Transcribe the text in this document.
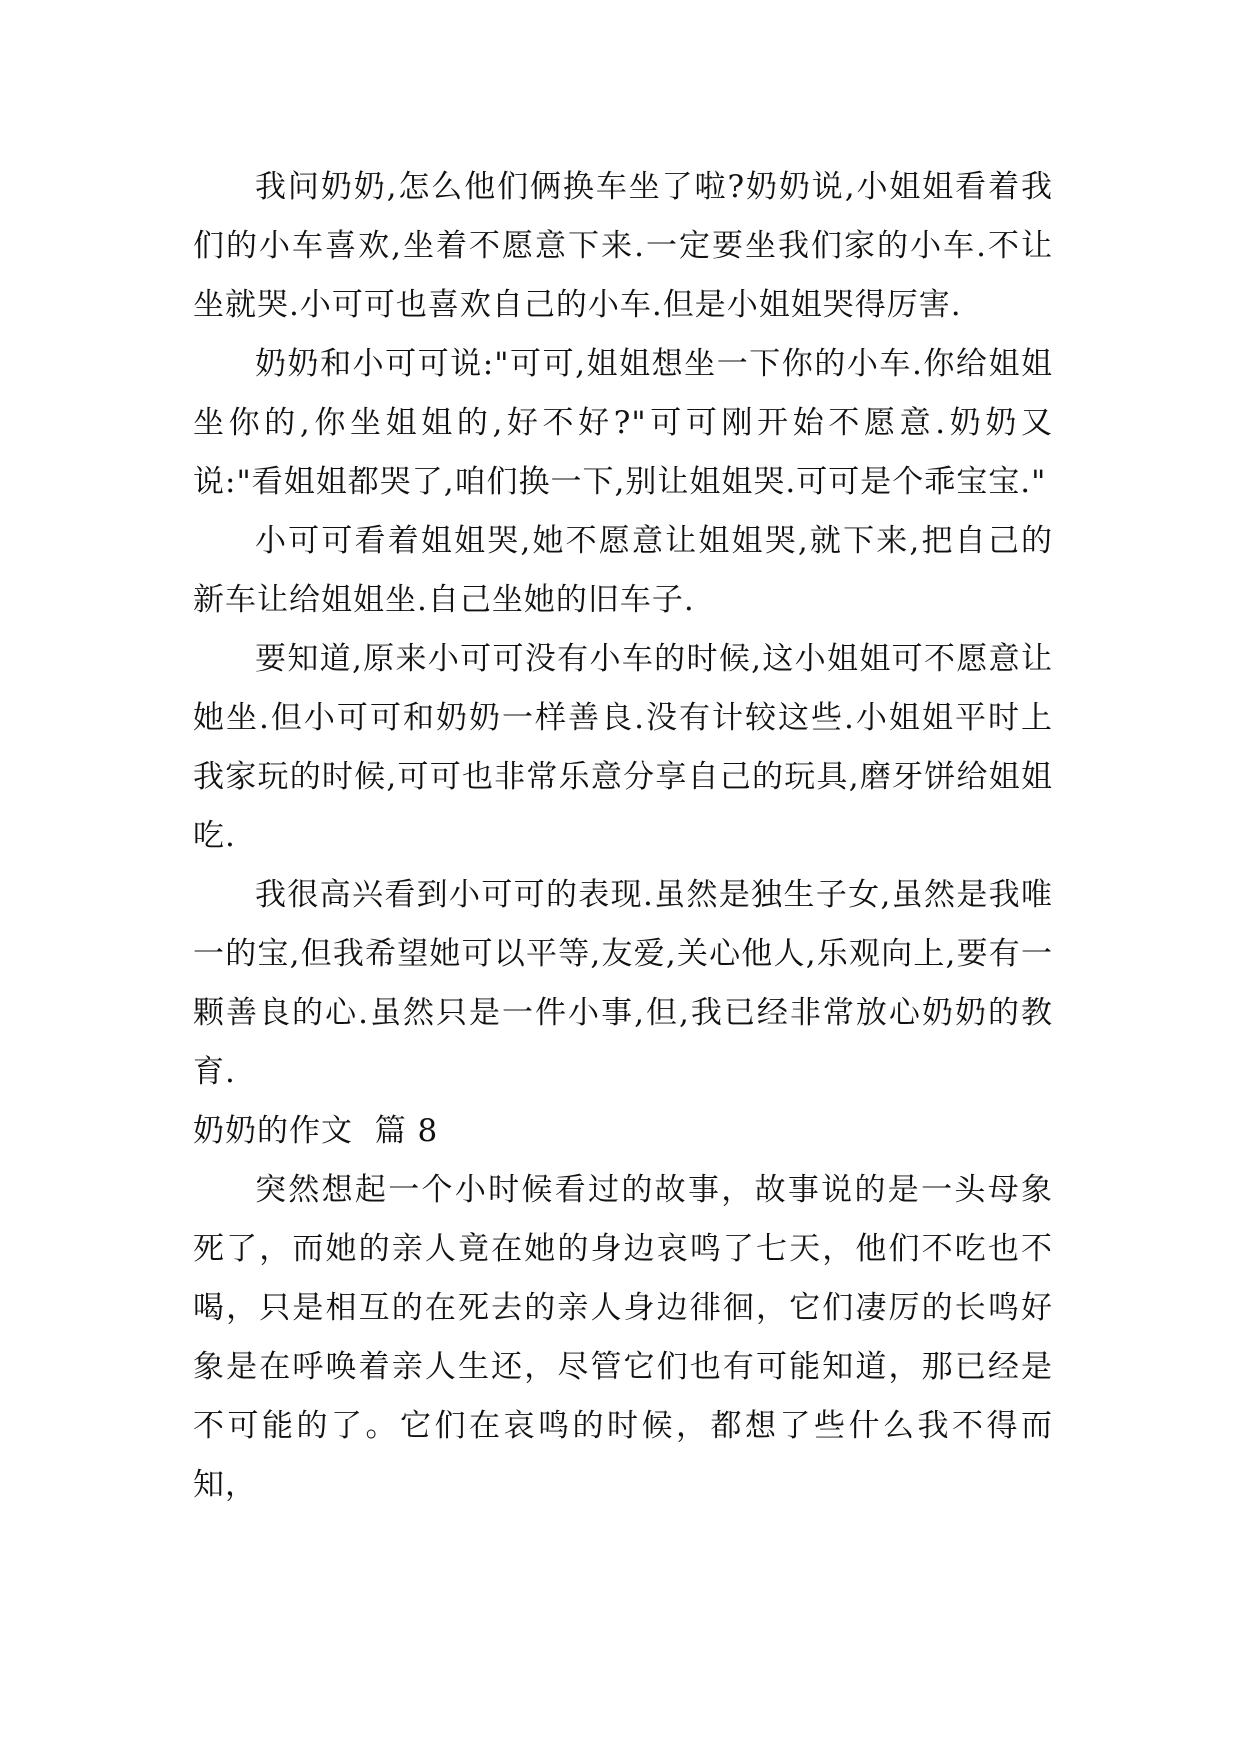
我问奶奶,怎么他们俩换车坐了啦?奶奶说,小姐姐看着我们的小车喜欢,坐着不愿意下来.一定要坐我们家的小车.不让坐就哭.小可可也喜欢自己的小车.但是小姐姐哭得厉害.

奶奶和小可可说:"可可,姐姐想坐一下你的小车.你给姐姐坐你的,你坐姐姐的,好不好?"可可刚开始不愿意.奶奶又说:"看姐姐都哭了,咱们换一下,别让姐姐哭.可可是个乖宝宝."

小可可看着姐姐哭,她不愿意让姐姐哭,就下来,把自己的新车让给姐姐坐.自己坐她的旧车子.

要知道,原来小可可没有小车的时候,这小姐姐可不愿意让她坐.但小可可和奶奶一样善良.没有计较这些.小姐姐平时上我家玩的时候,可可也非常乐意分享自己的玩具,磨牙饼给姐姐吃.

我很高兴看到小可可的表现.虽然是独生子女,虽然是我唯一的宝,但我希望她可以平等,友爱,关心他人,乐观向上,要有一颗善良的心.虽然只是一件小事,但,我已经非常放心奶奶的教育.

奶奶的作文  篇 8

突然想起一个小时候看过的故事，故事说的是一头母象死了，而她的亲人竟在她的身边哀鸣了七天，他们不吃也不喝，只是相互的在死去的亲人身边徘徊，它们凄厉的长鸣好象是在呼唤着亲人生还，尽管它们也有可能知道，那已经是不可能的了。它们在哀鸣的时候，都想了些什么我不得而知，
